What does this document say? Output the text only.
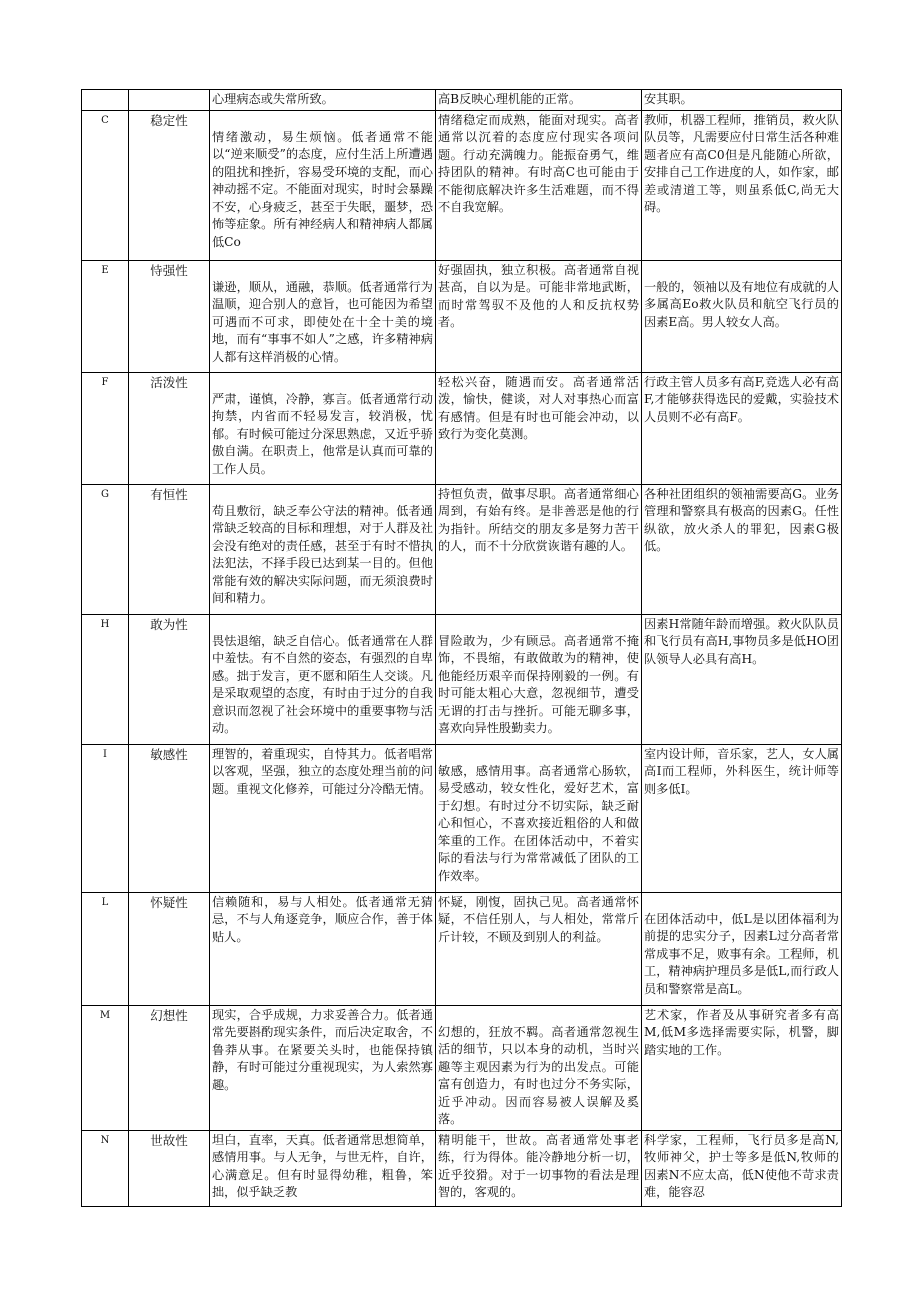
		心理病态或失常所致。	高B反映心理机能的正常。	安其职。
C	稳定性	情绪激动，易生烦恼。低者通常不能以“逆来顺受”的态度，应付生活上所遭遇的阻扰和挫折，容易受环境的支配，而心神动摇不定。不能面对现实，时时会暴躁不安，心身疲乏，甚至于失眠，噩梦，恐怖等症象。所有神经病人和精神病人都属低Co	情绪稳定而成熟，能面对现实。高者通常以沉着的态度应付现实各项问题。行动充满魄力。能振奋勇气，维持团队的精神。有时高C也可能由于不能彻底解决许多生活难题，而不得不自我宽解。	教师，机器工程师，推销员，救火队队员等，凡需要应付日常生活各种难题者应有高C0但是凡能随心所欲，安排自己工作进度的人，如作家，邮差或清道工等，则虽系低C,尚无大碍。
E	恃强性	谦逊，顺从，通融，恭顺。低者通常行为温顺，迎合别人的意旨，也可能因为希望可遇而不可求，即使处在十全十美的境地，而有“事事不如人”之感，许多精神病人都有这样消极的心情。	好强固执，独立积极。高者通常自视甚高，自以为是。可能非常地武断，而时常驾驭不及他的人和反抗权势者。	一般的，领袖以及有地位有成就的人多属高Eo救火队员和航空飞行员的因素E高。男人较女人高。
F	活泼性	严肃，谨慎，冷静，寡言。低者通常行动拘禁，内省而不轻易发言，较消极，忧郁。有时候可能过分深思熟虑，又近乎骄傲自满。在职责上，他常是认真而可靠的工作人员。	轻松兴奋，随遇而安。高者通常活泼，愉快，健谈，对人对事热心而富有感情。但是有时也可能会冲动，以致行为变化莫测。	行政主管人员多有高F,竞选人必有高F,才能够获得选民的爱戴，实验技术人员则不必有高F。
G	有恒性	苟且敷衍，缺乏奉公守法的精神。低者通常缺乏较高的目标和理想，对于人群及社会没有绝对的责任感，甚至于有时不惜执法犯法，不择手段已达到某一目的。但他常能有效的解决实际问题，而无须浪费时间和精力。	持恒负责，做事尽职。高者通常细心周到，有始有终。是非善恶是他的行为指针。所结交的朋友多是努力苦干的人，而不十分欣赏诙谐有趣的人。	各种社团组织的领袖需要高G。业务管理和警察具有极高的因素G。任性纵欲，放火杀人的罪犯，因素G极低。
H	敢为性	畏怯退缩，缺乏自信心。低者通常在人群中羞怯。有不自然的姿态，有强烈的自卑感。拙于发言，更不愿和陌生人交谈。凡是采取观望的态度，有时由于过分的自我意识而忽视了社会环境中的重要事物与活动。	冒险敢为，少有顾忌。高者通常不掩饰，不畏缩，有敢做敢为的精神，使他能经历艰辛而保持刚毅的一例。有时可能太粗心大意，忽视细节，遭受无谓的打击与挫折。可能无聊多事，喜欢向异性殷勤卖力。	因素H常随年龄而增强。救火队队员和飞行员有高H,事物员多是低HO团队领导人必具有高H。
I	敏感性	理智的，着重现实，自恃其力。低者唱常以客观，坚强，独立的态度处理当前的问题。重视文化修养，可能过分冷酷无情。	敏感，感情用事。高者通常心肠软，易受感动，较女性化，爱好艺术，富于幻想。有时过分不切实际，缺乏耐心和恒心，不喜欢接近粗俗的人和做笨重的工作。在团体活动中，不着实际的看法与行为常常减低了团队的工作效率。	室内设计师，音乐家，艺人，女人属高I而工程师，外科医生，统计师等则多低I。
L	怀疑性	信赖随和，易与人相处。低者通常无猜忌，不与人角逐竞争，顺应合作，善于体贴人。	怀疑，刚愎，固执己见。高者通常怀疑，不信任别人，与人相处，常常斤斤计较，不顾及到别人的利益。	在团体活动中，低L是以团体福利为前提的忠实分子，因素L过分高者常常成事不足，败事有余。工程师，机工，精神病护理员多是低L,而行政人员和警察常是高L。
M	幻想性	现实，合乎成规，力求妥善合力。低者通常先要斟酌现实条件，而后决定取舍，不鲁莽从事。在紧要关头时，也能保持镇静，有时可能过分重视现实，为人索然寡趣。	幻想的，狂放不羁。高者通常忽视生活的细节，只以本身的动机，当时兴趣等主观因素为行为的出发点。可能富有创造力，有时也过分不务实际，近乎冲动。因而容易被人误解及奚落。	艺术家，作者及从事研究者多有高M,低M多选择需要实际，机警，脚踏实地的工作。
N	世故性	坦白，直率，天真。低者通常思想简单，感情用事。与人无争，与世无杵，自许，心满意足。但有时显得幼稚，粗鲁，笨拙，似乎缺乏教	精明能干，世故。高者通常处事老练，行为得体。能冷静地分析一切，近乎狡猾。对于一切事物的看法是理智的，客观的。	科学家，工程师，飞行员多是高N,牧师神父，护士等多是低N,牧师的因素N不应太高，低N使他不苛求责难，能容忍
